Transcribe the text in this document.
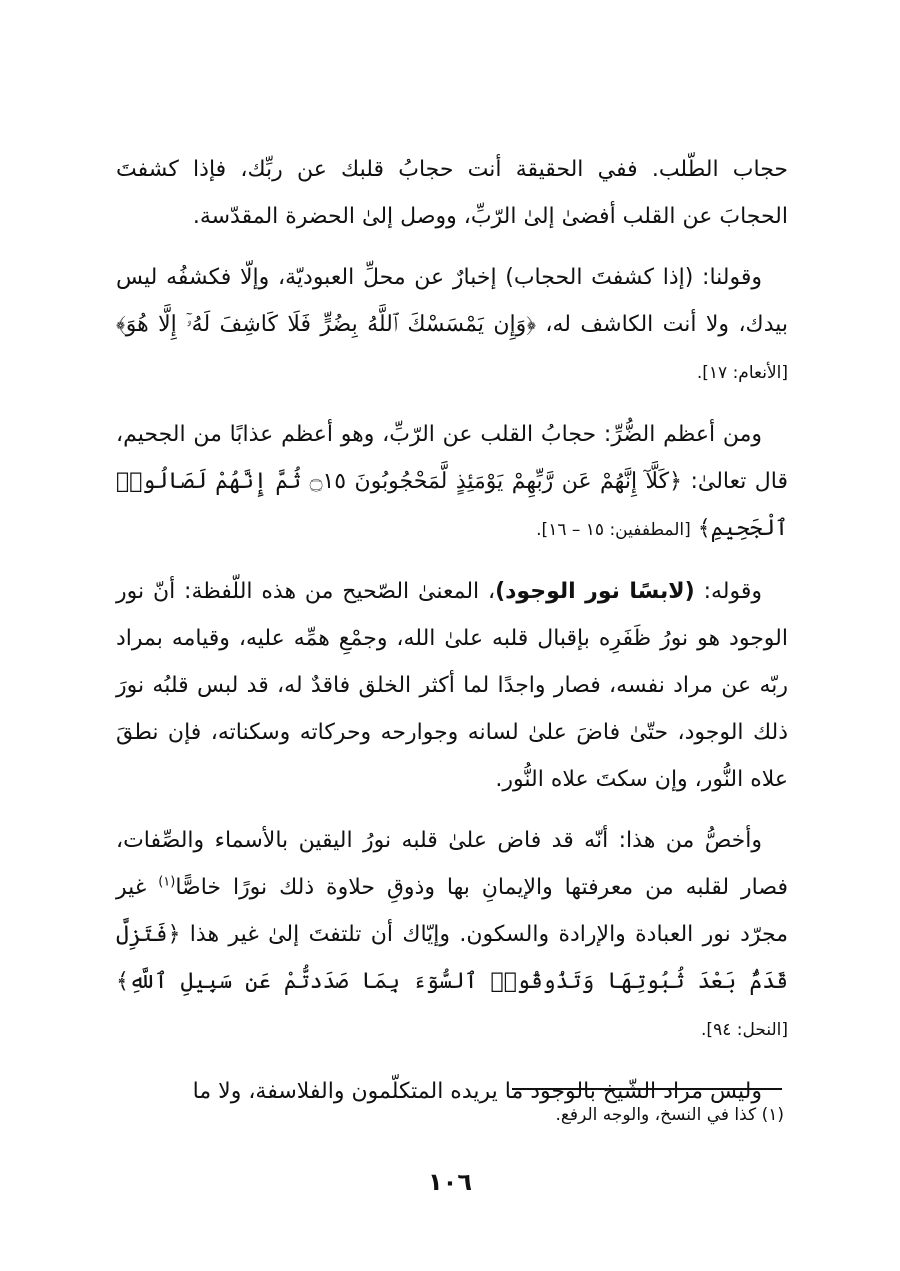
حجاب الطّلب. ففي الحقيقة أنت حجابُ قلبك عن ربِّك، فإذا كشفتَ الحجابَ عن القلب أفضىٰ إلىٰ الرّبِّ، ووصل إلىٰ الحضرة المقدّسة.

وقولنا: (إذا كشفتَ الحجاب) إخبارٌ عن محلِّ العبوديّة، وإلّا فكشفُه ليس بيدك، ولا أنت الكاشف له، ﴿وَإِن يَمْسَسْكَ ٱللَّهُ بِضُرٍّ فَلَا كَاشِفَ لَهُۥٓ إِلَّا هُوَ﴾ [الأنعام: ١٧].

ومن أعظم الضُّرِّ: حجابُ القلب عن الرّبِّ، وهو أعظم عذابًا من الجحيم، قال تعالىٰ: ﴿كَلَّآ إِنَّهُمْ عَن رَّبِّهِمْ يَوْمَئِذٍ لَّمَحْجُوبُونَ ۝١٥ ثُمَّ إِنَّهُمْ لَصَالُوا۟ ٱلْجَحِيمِ﴾ [المطففين: ١٥ – ١٦].

وقوله: (لابسًا نور الوجود)، المعنىٰ الصّحيح من هذه اللّفظة: أنّ نور الوجود هو نورُ ظَفَرِه بإقبال قلبه علىٰ الله، وجمْعِ همِّه عليه، وقيامه بمراد ربّه عن مراد نفسه، فصار واجدًا لما أكثر الخلق فاقدٌ له، قد لبس قلبُه نورَ ذلك الوجود، حتّىٰ فاضَ علىٰ لسانه وجوارحه وحركاته وسكناته، فإن نطقَ علاه النُّور، وإن سكتَ علاه النُّور.

وأخصُّ من هذا: أنّه قد فاض علىٰ قلبه نورُ اليقين بالأسماء والصِّفات، فصار لقلبه من معرفتها والإيمانِ بها وذوقِ حلاوة ذلك نورًا خاصًّا$^{(١)}$ غير مجرّد نور العبادة والإرادة والسكون. وإيّاك أن تلتفتَ إلىٰ غير هذا ﴿فَتَزِلَّ قَدَمٌۢ بَعْدَ ثُبُوتِهَا وَتَذُوقُوا۟ ٱلسُّوٓءَ بِمَا صَدَدتُّمْ عَن سَبِيلِ ٱللَّهِ﴾ [النحل: ٩٤].

وليس مراد الشّيخ بالوجود ما يريده المتكلّمون والفلاسفة، ولا ما

(١) كذا في النسخ، والوجه الرفع.
١٠٦
